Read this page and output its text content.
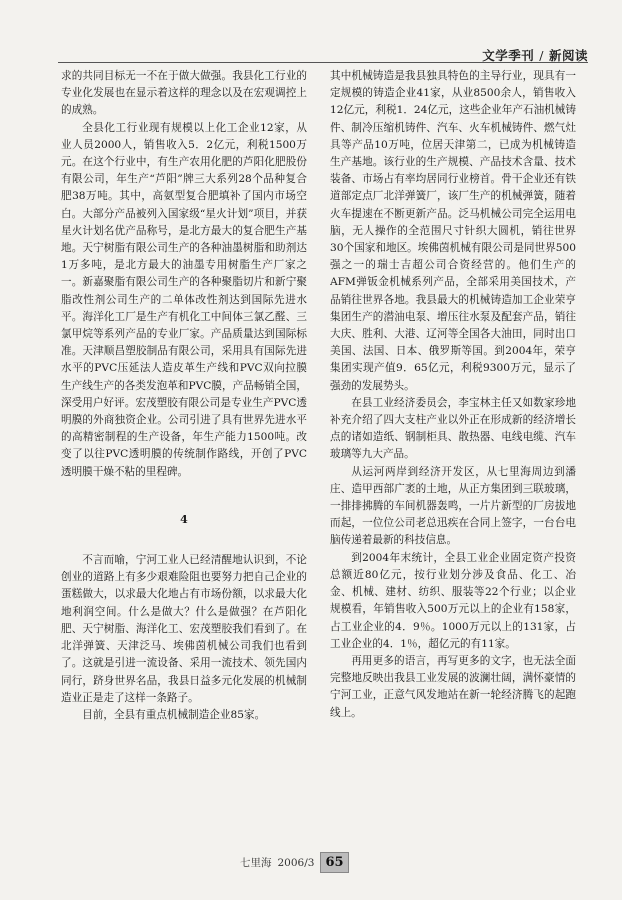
文学季刊 / 新阅读

求的共同目标无一不在于做大做强。我县化工行业的专业化发展也在显示着这样的理念以及在宏观调控上的成熟。

全县化工行业现有规模以上化工企业12家，从业人员2000人，销售收入5．2亿元，利税1500万元。在这个行业中，有生产农用化肥的芦阳化肥股份有限公司，年生产“芦阳”牌三大系列28个品种复合肥38万吨。其中，高氨型复合肥填补了国内市场空白。大部分产品被列入国家级“星火计划”项目，并获星火计划名优产品称号，是北方最大的复合肥生产基地。天宁树脂有限公司生产的各种油墨树脂和助剂达1万多吨，是北方最大的油墨专用树脂生产厂家之一。新嘉聚脂有限公司生产的各种聚脂切片和新宁聚脂改性剂公司生产的二单体改性剂达到国际先进水平。海洋化工厂是生产有机化工中间体三氯乙醛、三氯甲烷等系列产品的专业厂家。产品质量达到国际标准。天津顺昌塑胶制品有限公司，采用具有国际先进水平的PVC压延法人造皮革生产线和PVC双向拉膜生产线生产的各类发泡革和PVC膜，产品畅销全国，深受用户好评。宏茂塑胶有限公司是专业生产PVC透明膜的外商独资企业。公司引进了具有世界先进水平的高精密制程的生产设备，年生产能力1500吨。改变了以往PVC透明膜的传统制作路线，开创了PVC透明膜干燥不粘的里程碑。

4

不言而喻，宁河工业人已经清醒地认识到，不论创业的道路上有多少艰难险阻也要努力把自己企业的蛋糕做大，以求最大化地占有市场份额，以求最大化地利润空间。什么是做大？什么是做强？在芦阳化肥、天宁树脂、海洋化工、宏茂塑胶我们看到了。在北洋弹簧、天津泛马、埃佛茵机械公司我们也看到了。这就是引进一流设备、采用一流技术、领先国内同行，跻身世界名品，我县日益多元化发展的机械制造业正是走了这样一条路子。

目前，全县有重点机械制造企业85家。

其中机械铸造是我县独具特色的主导行业，现具有一定规模的铸造企业41家，从业8500余人，销售收入12亿元，利税1．24亿元，这些企业年产石油机械铸件、制冷压缩机铸件、汽车、火车机械铸件、燃气灶具等产品10万吨，位居天津第二，已成为机械铸造生产基地。该行业的生产规模、产品技术含量、技术装备、市场占有率均居同行业榜首。骨干企业还有铁道部定点厂北洋弹簧厂，该厂生产的机械弹簧，随着火车提速在不断更新产品。泛马机械公司完全运用电脑，无人操作的全范围尺寸针织大圆机，销往世界30个国家和地区。埃佛茵机械有限公司是同世界500强之一的瑞士吉超公司合资经营的。他们生产的AFM弹钣金机械系列产品，全部采用美国技术，产品销往世界各地。我县最大的机械铸造加工企业荣亨集团生产的潜油电泵、增压往水泵及配套产品，销往大庆、胜利、大港、辽河等全国各大油田，同时出口美国、法国、日本、俄罗斯等国。到2004年，荣亨集团实现产值9．65亿元，利税9300万元，显示了强劲的发展势头。

在县工业经济委员会，李宝林主任又如数家珍地补充介绍了四大支柱产业以外正在形成新的经济增长点的诸如造纸、钢制柜具、散热器、电线电缆、汽车玻璃等九大产品。

从运河两岸到经济开发区，从七里海周边到潘庄、造甲西部广袤的土地，从正方集团到三联玻璃，一排排拂腾的车间机器轰鸣，一片片新型的厂房拔地而起，一位位公司老总迅疾在合同上签字，一台台电脑传递着最新的科技信息。

到2004年末统计，全县工业企业固定资产投资总额近80亿元，按行业划分涉及食品、化工、冶金、机械、建材、纺织、服装等22个行业；以企业规模看，年销售收入500万元以上的企业有158家，占工业企业的4．9％。1000万元以上的131家，占工业企业的4．1％，超亿元的有11家。

再用更多的语言，再写更多的文字，也无法全面完整地反映出我县工业发展的波澜壮阔，满怀豪情的宁河工业，正意气风发地站在新一轮经济腾飞的起跑线上。

七里海 2006/3 65
